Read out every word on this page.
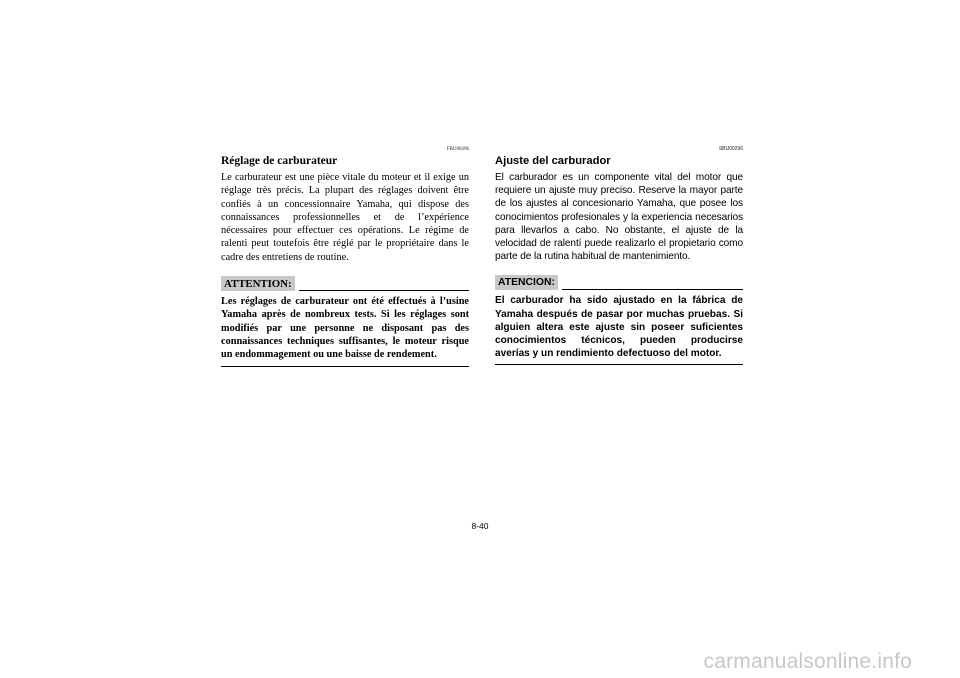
FBU00296

Réglage de carburateur

Le carburateur est une pièce vitale du moteur et il exige un réglage très précis. La plupart des réglages doivent être confiés à un concessionnaire Yamaha, qui dispose des connaissances professionnelles et de l’expérience nécessaires pour effectuer ces opérations. Le régime de ralenti peut toutefois être réglé par le propriétaire dans le cadre des entretiens de routine.

ATTENTION:

Les réglages de carburateur ont été effectués à l’usine Yamaha après de nombreux tests. Si les réglages sont modifiés par une personne ne disposant pas des connaissances techniques suffisantes, le moteur risque un endommagement ou une baisse de rendement.

SBU00296

Ajuste del carburador

El carburador es un componente vital del motor que requiere un ajuste muy preciso. Reserve la mayor parte de los ajustes al concesionario Yamaha, que posee los conocimientos profesionales y la experiencia necesarios para llevarlos a cabo. No obstante, el ajuste de la velocidad de ralentí puede realizarlo el propietario como parte de la rutina habitual de mantenimiento.

ATENCION:

El carburador ha sido ajustado en la fábrica de Yamaha después de pasar por muchas pruebas. Si alguien altera este ajuste sin poseer suficientes conocimientos técnicos, pueden producirse averías y un rendimiento defectuoso del motor.

8-40
carmanualsonline.info
